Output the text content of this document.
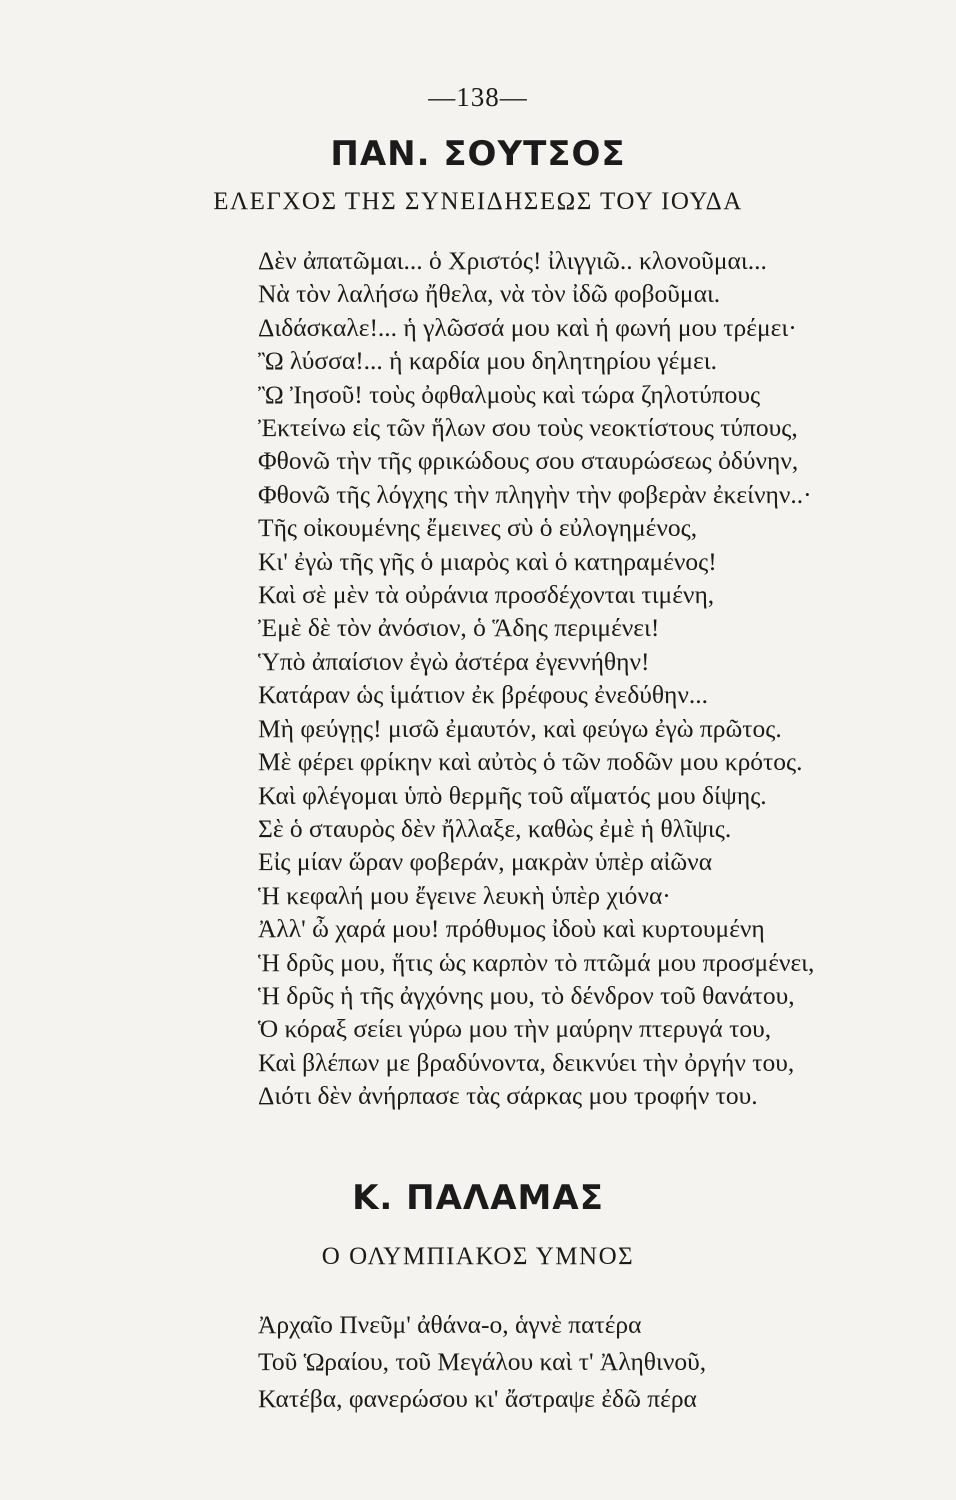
—138—
ΠΑΝ. ΣΟΥΤΣΟΣ
ΕΛΕΓΧΟΣ ΤΗΣ ΣΥΝΕΙΔΗΣΕΩΣ ΤΟΥ ΙΟΥΔΑ
Δὲν ἀπατῶμαι... ὁ Χριστός! ἰλιγγιῶ.. κλονοῦμαι...
Νὰ τὸν λαλήσω ἤθελα, νὰ τὸν ἰδῶ φοβοῦμαι.
Διδάσκαλε!... ἡ γλῶσσά μου καὶ ἡ φωνή μου τρέμει·
Ὢ λύσσα!... ἡ καρδία μου δηλητηρίου γέμει.
Ὢ Ἰησοῦ! τοὺς ὀφθαλμοὺς καὶ τώρα ζηλοτύπους
Ἐκτείνω εἰς τῶν ἥλων σου τοὺς νεοκτίστους τύπους,
Φθονῶ τὴν τῆς φρικώδους σου σταυρώσεως ὀδύνην,
Φθονῶ τῆς λόγχης τὴν πληγὴν τὴν φοβερὰν ἐκείνην..·
Τῆς οἰκουμένης ἔμεινες σὺ ὁ εὐλογημένος,
Κι' ἐγὼ τῆς γῆς ὁ μιαρὸς καὶ ὁ κατηραμένος!
Καὶ σὲ μὲν τὰ οὐράνια προσδέχονται τιμένη,
Ἐμὲ δὲ τὸν ἀνόσιον, ὁ Ἅδης περιμένει!
Ὑπὸ ἀπαίσιον ἐγὼ ἀστέρα ἐγεννήθην!
Κατάραν ὡς ἱμάτιον ἐκ βρέφους ἐνεδύθην...
Μὴ φεύγῃς! μισῶ ἐμαυτόν, καὶ φεύγω ἐγὼ πρῶτος.
Μὲ φέρει φρίκην καὶ αὐτὸς ὁ τῶν ποδῶν μου κρότος.
Καὶ φλέγομαι ὑπὸ θερμῆς τοῦ αἵματός μου δίψης.
Σὲ ὁ σταυρὸς δὲν ἤλλαξε, καθὼς ἐμὲ ἡ θλῖψις.
Εἰς μίαν ὥραν φοβεράν, μακρὰν ὑπὲρ αἰῶνα
Ἡ κεφαλή μου ἔγεινε λευκὴ ὑπὲρ χιόνα·
Ἀλλ' ὦ χαρά μου! πρόθυμος ἰδοὺ καὶ κυρτουμένη
Ἡ δρῦς μου, ἥτις ὡς καρπὸν τὸ πτῶμά μου προσμένει,
Ἡ δρῦς ἡ τῆς ἀγχόνης μου, τὸ δένδρον τοῦ θανάτου,
Ὁ κόραξ σείει γύρω μου τὴν μαύρην πτερυγά του,
Καὶ βλέπων με βραδύνοντα, δεικνύει τὴν ὀργήν του,
Διότι δὲν ἀνήρπασε τὰς σάρκας μου τροφήν του.
Κ. ΠΑΛΑΜΑΣ
Ο ΟΛΥΜΠΙΑΚΟΣ ΥΜΝΟΣ
Ἀρχαῖο Πνεῦμ' ἀθάνα-ο, ἁγνὲ πατέρα
Τοῦ Ὡραίου, τοῦ Μεγάλου καὶ τ' Ἀληθινοῦ,
Κατέβα, φανερώσου κι' ἄστραψε ἐδῶ πέρα
